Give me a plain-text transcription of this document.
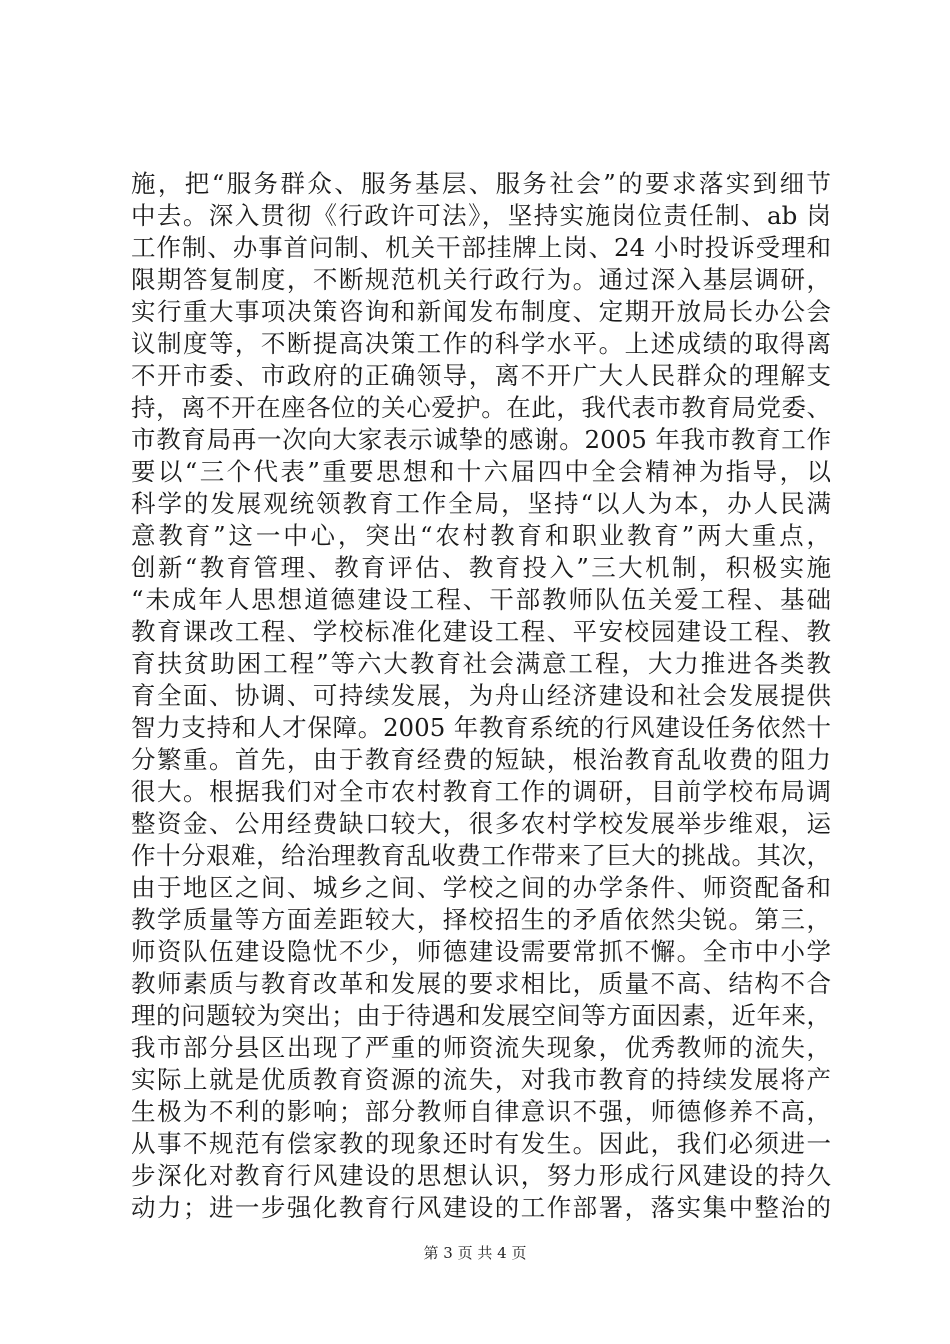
施，把“服务群众、服务基层、服务社会”的要求落实到细节
中去。深入贯彻《行政许可法》，坚持实施岗位责任制、ab 岗
工作制、办事首问制、机关干部挂牌上岗、24 小时投诉受理和
限期答复制度，不断规范机关行政行为。通过深入基层调研，
实行重大事项决策咨询和新闻发布制度、定期开放局长办公会
议制度等，不断提高决策工作的科学水平。上述成绩的取得离
不开市委、市政府的正确领导，离不开广大人民群众的理解支
持，离不开在座各位的关心爱护。在此，我代表市教育局党委、
市教育局再一次向大家表示诚挚的感谢。2005 年我市教育工作
要以“三个代表”重要思想和十六届四中全会精神为指导，以
科学的发展观统领教育工作全局，坚持“以人为本，办人民满
意教育”这一中心，突出“农村教育和职业教育”两大重点，
创新“教育管理、教育评估、教育投入”三大机制，积极实施
“未成年人思想道德建设工程、干部教师队伍关爱工程、基础
教育课改工程、学校标准化建设工程、平安校园建设工程、教
育扶贫助困工程”等六大教育社会满意工程，大力推进各类教
育全面、协调、可持续发展，为舟山经济建设和社会发展提供
智力支持和人才保障。2005 年教育系统的行风建设任务依然十
分繁重。首先，由于教育经费的短缺，根治教育乱收费的阻力
很大。根据我们对全市农村教育工作的调研，目前学校布局调
整资金、公用经费缺口较大，很多农村学校发展举步维艰，运
作十分艰难，给治理教育乱收费工作带来了巨大的挑战。其次，
由于地区之间、城乡之间、学校之间的办学条件、师资配备和
教学质量等方面差距较大，择校招生的矛盾依然尖锐。第三，
师资队伍建设隐忧不少，师德建设需要常抓不懈。全市中小学
教师素质与教育改革和发展的要求相比，质量不高、结构不合
理的问题较为突出；由于待遇和发展空间等方面因素，近年来，
我市部分县区出现了严重的师资流失现象，优秀教师的流失，
实际上就是优质教育资源的流失，对我市教育的持续发展将产
生极为不利的影响；部分教师自律意识不强，师德修养不高，
从事不规范有偿家教的现象还时有发生。因此，我们必须进一
步深化对教育行风建设的思想认识，努力形成行风建设的持久
动力；进一步强化教育行风建设的工作部署，落实集中整治的
第 3 页 共 4 页
